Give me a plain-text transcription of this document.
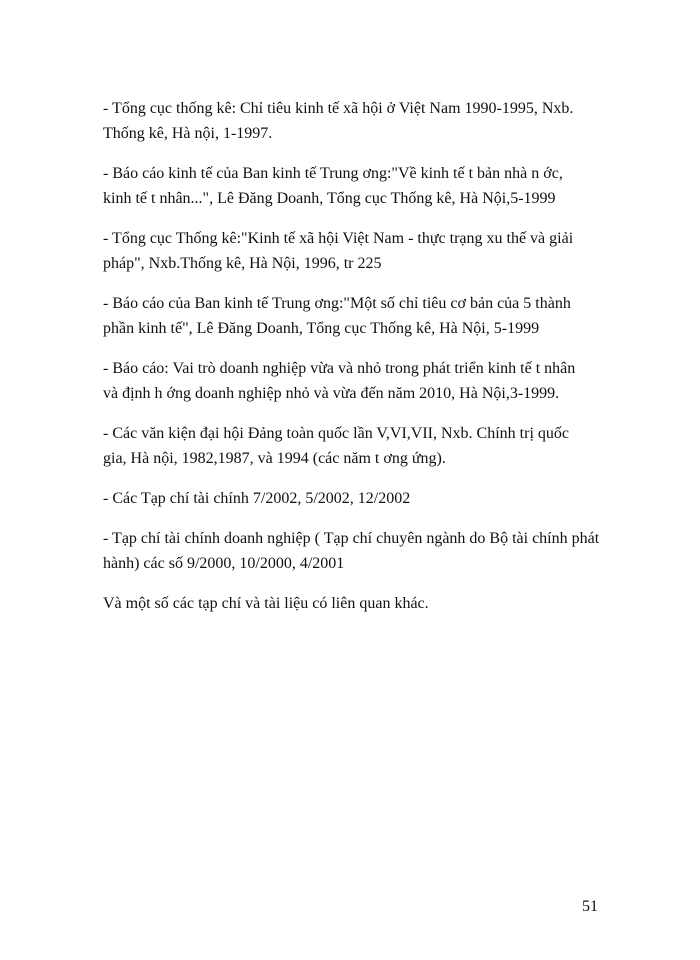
- Tổng cục thống kê: Chỉ tiêu kinh tế xã hội ở Việt Nam 1990-1995, Nxb.
Thống kê, Hà nội, 1-1997.
- Báo cáo kinh tế của Ban kinh tế Trung ơng:"Về kinh tế t bản nhà n ớc,
kinh tế t nhân...", Lê Đăng Doanh, Tổng cục Thống kê, Hà Nội,5-1999
- Tổng cục Thống kê:"Kinh tế xã hội Việt Nam - thực trạng xu thế và giải
pháp", Nxb.Thống kê, Hà Nội, 1996, tr 225
- Báo cáo của Ban kinh tế Trung ơng:"Một số chỉ tiêu cơ bản của 5 thành
phần kinh tế", Lê Đăng Doanh, Tổng cục Thống kê, Hà Nội, 5-1999
- Báo cáo: Vai trò doanh nghiệp vừa và nhỏ trong phát triển kinh tế t nhân
và định h ớng doanh nghiệp nhỏ và vừa đến năm 2010, Hà Nội,3-1999.
- Các văn kiện đại hội Đảng toàn quốc lần V,VI,VII, Nxb. Chính trị quốc
gia, Hà nội, 1982,1987, và 1994 (các năm t ơng ứng).
- Các Tạp chí tài chính 7/2002, 5/2002, 12/2002
- Tạp chí tài chính doanh nghiệp ( Tạp chí chuyên ngành do Bộ tài chính phát
hành) các số 9/2000, 10/2000, 4/2001
Và một số các tạp chí và tài liệu có liên quan khác.
51
